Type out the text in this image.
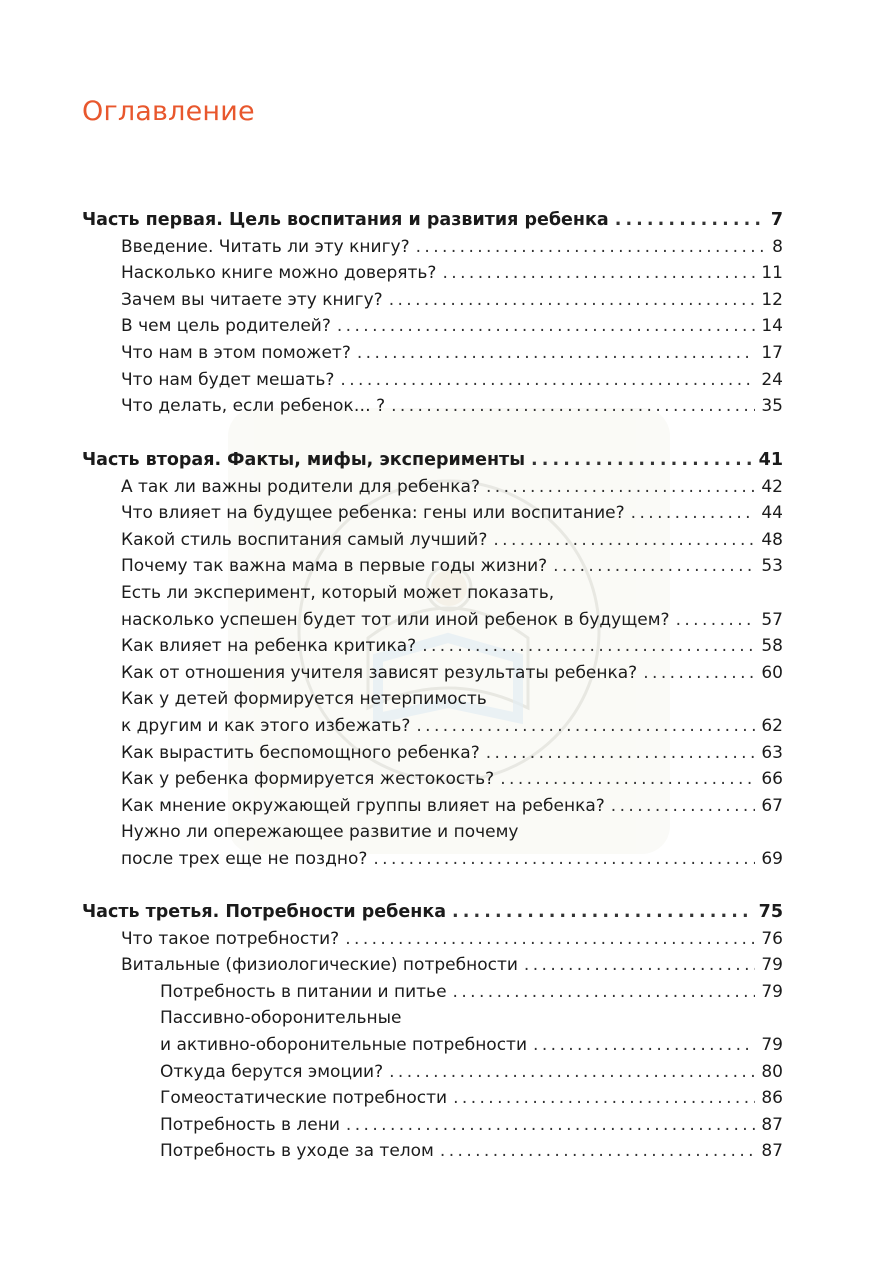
Оглавление
Часть первая. Цель воспитания и развития ребенка . . .	7
Введение. Читать ли эту книгу? . . .	8
Насколько книге можно доверять? . . .	11
Зачем вы читаете эту книгу? . . .	12
В чем цель родителей? . . .	14
Что нам в этом поможет? . . .	17
Что нам будет мешать? . . .	24
Что делать, если ребенок… ? . . .	35
Часть вторая. Факты, мифы, эксперименты . . .	41
А так ли важны родители для ребенка? . . .	42
Что влияет на будущее ребенка: гены или воспитание? . . .	44
Какой стиль воспитания самый лучший? . . .	48
Почему так важна мама в первые годы жизни? . . .	53
Есть ли эксперимент, который может показать,
насколько успешен будет тот или иной ребенок в будущем? . . .	57
Как влияет на ребенка критика? . . .	58
Как от отношения учителя зависят результаты ребенка? . . .	60
Как у детей формируется нетерпимость
к другим и как этого избежать? . . .	62
Как вырастить беспомощного ребенка? . . .	63
Как у ребенка формируется жестокость? . . .	66
Как мнение окружающей группы влияет на ребенка? . . .	67
Нужно ли опережающее развитие и почему
после трех еще не поздно? . . .	69
Часть третья. Потребности ребенка . . .	75
Что такое потребности? . . .	76
Витальные (физиологические) потребности . . .	79
Потребность в питании и питье . . .	79
Пассивно-оборонительные
и активно-оборонительные потребности . . .	79
Откуда берутся эмоции? . . .	80
Гомеостатические потребности . . .	86
Потребность в лени . . .	87
Потребность в уходе за телом . . .	87
